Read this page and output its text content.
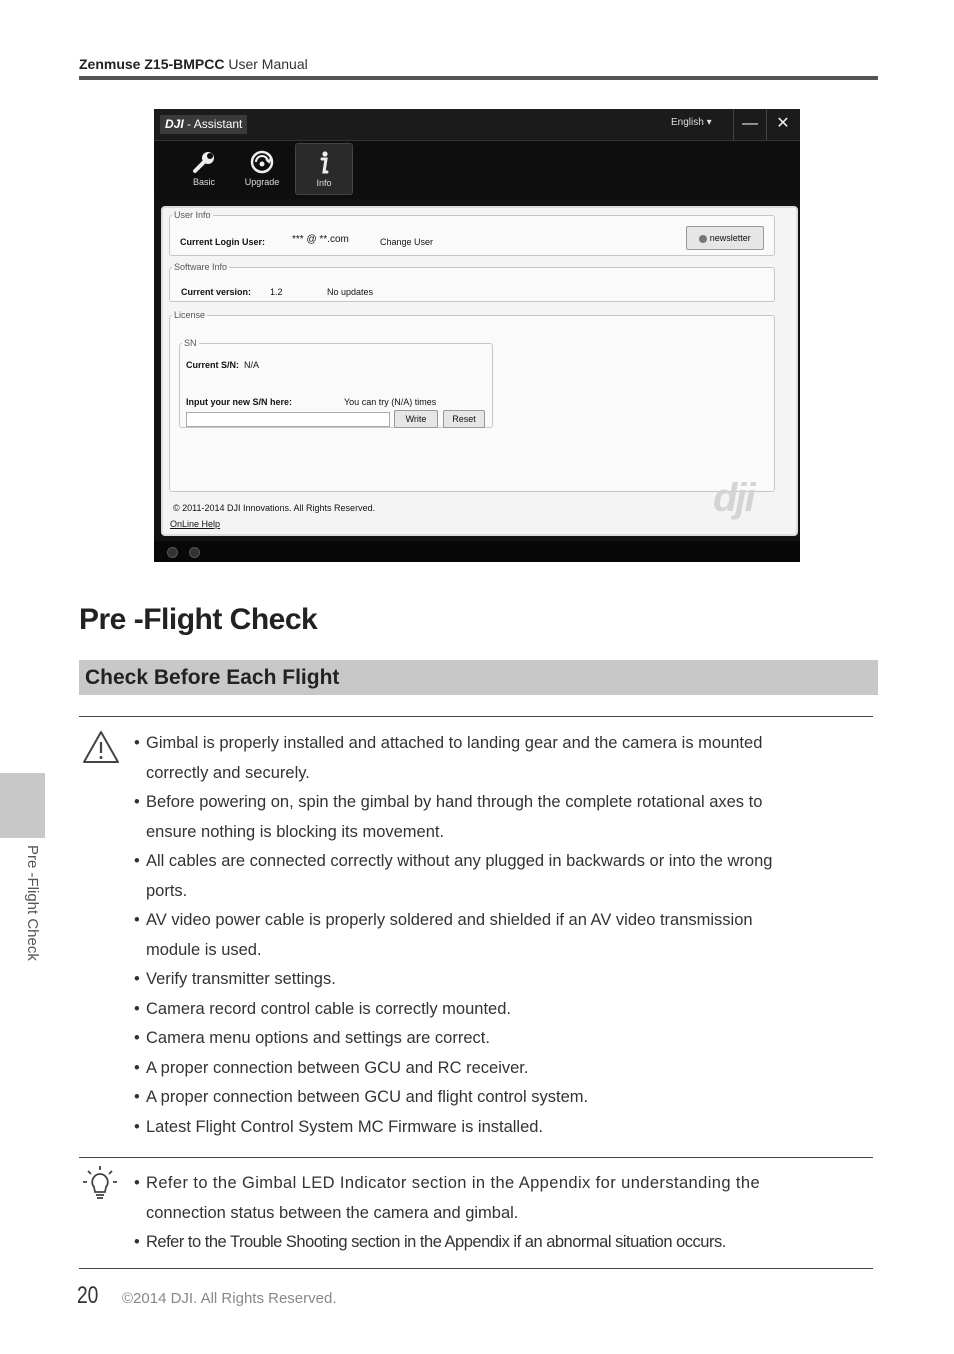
Zenmuse Z15-BMPCC User Manual
DJI - Assistant	English ▾	—	✕
Basic	Upgrade	Info
User Info
Current Login User:	*** @ **.com	Change User	newsletter
Software Info
Current version: 1.2	No updates
License
SN
Current S/N: N/A
Input your new S/N here:	You can try (N/A) times
Write	Reset
© 2011-2014 DJI Innovations. All Rights Reserved.
OnLine Help
dji
Pre -Flight Check
Check Before Each Flight
• Gimbal is properly installed and attached to landing gear and the camera is mounted
correctly and securely.
• Before powering on, spin the gimbal by hand through the complete rotational axes to
ensure nothing is blocking its movement.
• All cables are connected correctly without any plugged in backwards or into the wrong
ports.
• AV video power cable is properly soldered and shielded if an AV video transmission
module is used.
• Verify transmitter settings.
• Camera record control cable is correctly mounted.
• Camera menu options and settings are correct.
• A proper connection between GCU and RC receiver.
• A proper connection between GCU and flight control system.
• Latest Flight Control System MC Firmware is installed.
• Refer to the Gimbal LED Indicator section in the Appendix for understanding the
connection status between the camera and gimbal.
• Refer to the Trouble Shooting section in the Appendix if an abnormal situation occurs.
Pre -Flight Check
20 ©2014 DJI. All Rights Reserved.
